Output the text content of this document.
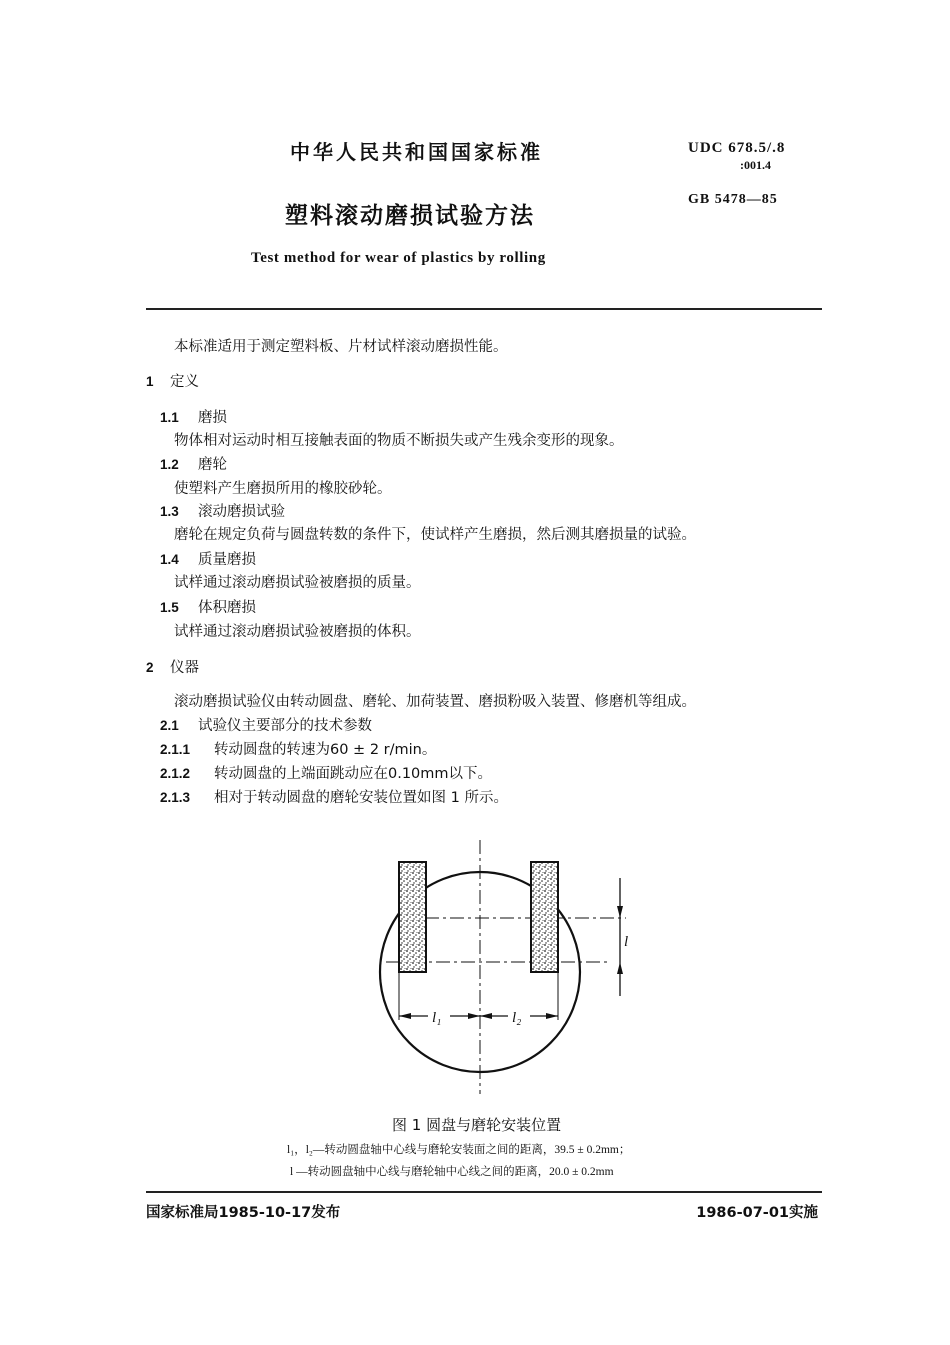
中华人民共和国国家标准	UDC 678.5/.8
:001.4
GB 5478—85
塑料滚动磨损试验方法
Test method for wear of plastics by rolling
本标准适用于测定塑料板、片材试样滚动磨损性能。
1 定义
1.1 磨损
物体相对运动时相互接触表面的物质不断损失或产生残余变形的现象。
1.2 磨轮
使塑料产生磨损所用的橡胶砂轮。
1.3 滚动磨损试验
磨轮在规定负荷与圆盘转数的条件下，使试样产生磨损，然后测其磨损量的试验。
1.4 质量磨损
试样通过滚动磨损试验被磨损的质量。
1.5 体积磨损
试样通过滚动磨损试验被磨损的体积。
2 仪器
滚动磨损试验仪由转动圆盘、磨轮、加荷装置、磨损粉吸入装置、修磨机等组成。
2.1 试验仪主要部分的技术参数
2.1.1 转动圆盘的转速为60 ± 2 r/min。
2.1.2 转动圆盘的上端面跳动应在0.10mm以下。
2.1.3 相对于转动圆盘的磨轮安装位置如图 1 所示。
l₁	l₂
l
图 1 圆盘与磨轮安装位置
l₁，l₂—转动圆盘轴中心线与磨轮安装面之间的距离，39.5 ± 0.2mm；
l —转动圆盘轴中心线与磨轮轴中心线之间的距离，20.0 ± 0.2mm
国家标准局1985-10-17发布	1986-07-01实施
